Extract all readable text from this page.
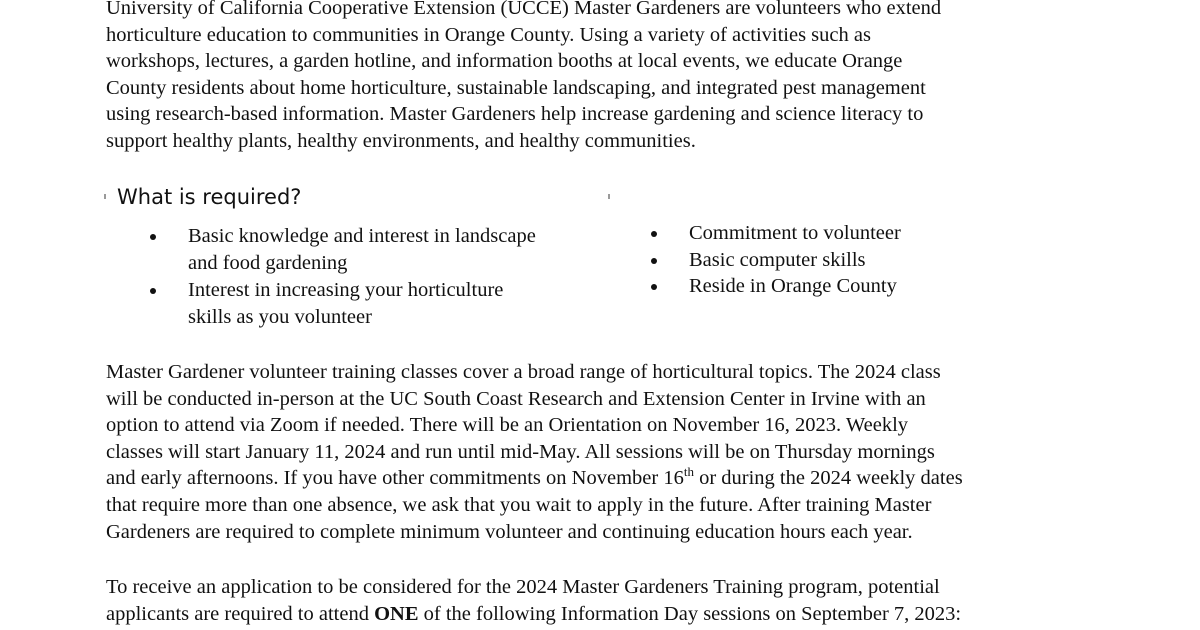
University of California Cooperative Extension (UCCE) Master Gardeners are volunteers who extend
horticulture education to communities in Orange County. Using a variety of activities such as
workshops, lectures, a garden hotline, and information booths at local events, we educate Orange
County residents about home horticulture, sustainable landscaping, and integrated pest management
using research-based information. Master Gardeners help increase gardening and science literacy to
support healthy plants, healthy environments, and healthy communities.

What is required?
Basic knowledge and interest in landscape
and food gardening
Interest in increasing your horticulture
skills as you volunteer
Commitment to volunteer
Basic computer skills
Reside in Orange County

Master Gardener volunteer training classes cover a broad range of horticultural topics. The 2024 class
will be conducted in-person at the UC South Coast Research and Extension Center in Irvine with an
option to attend via Zoom if needed. There will be an Orientation on November 16, 2023. Weekly
classes will start January 11, 2024 and run until mid-May. All sessions will be on Thursday mornings
and early afternoons. If you have other commitments on November 16th or during the 2024 weekly dates
that require more than one absence, we ask that you wait to apply in the future. After training Master
Gardeners are required to complete minimum volunteer and continuing education hours each year.

To receive an application to be considered for the 2024 Master Gardeners Training program, potential
applicants are required to attend ONE of the following Information Day sessions on September 7, 2023:
